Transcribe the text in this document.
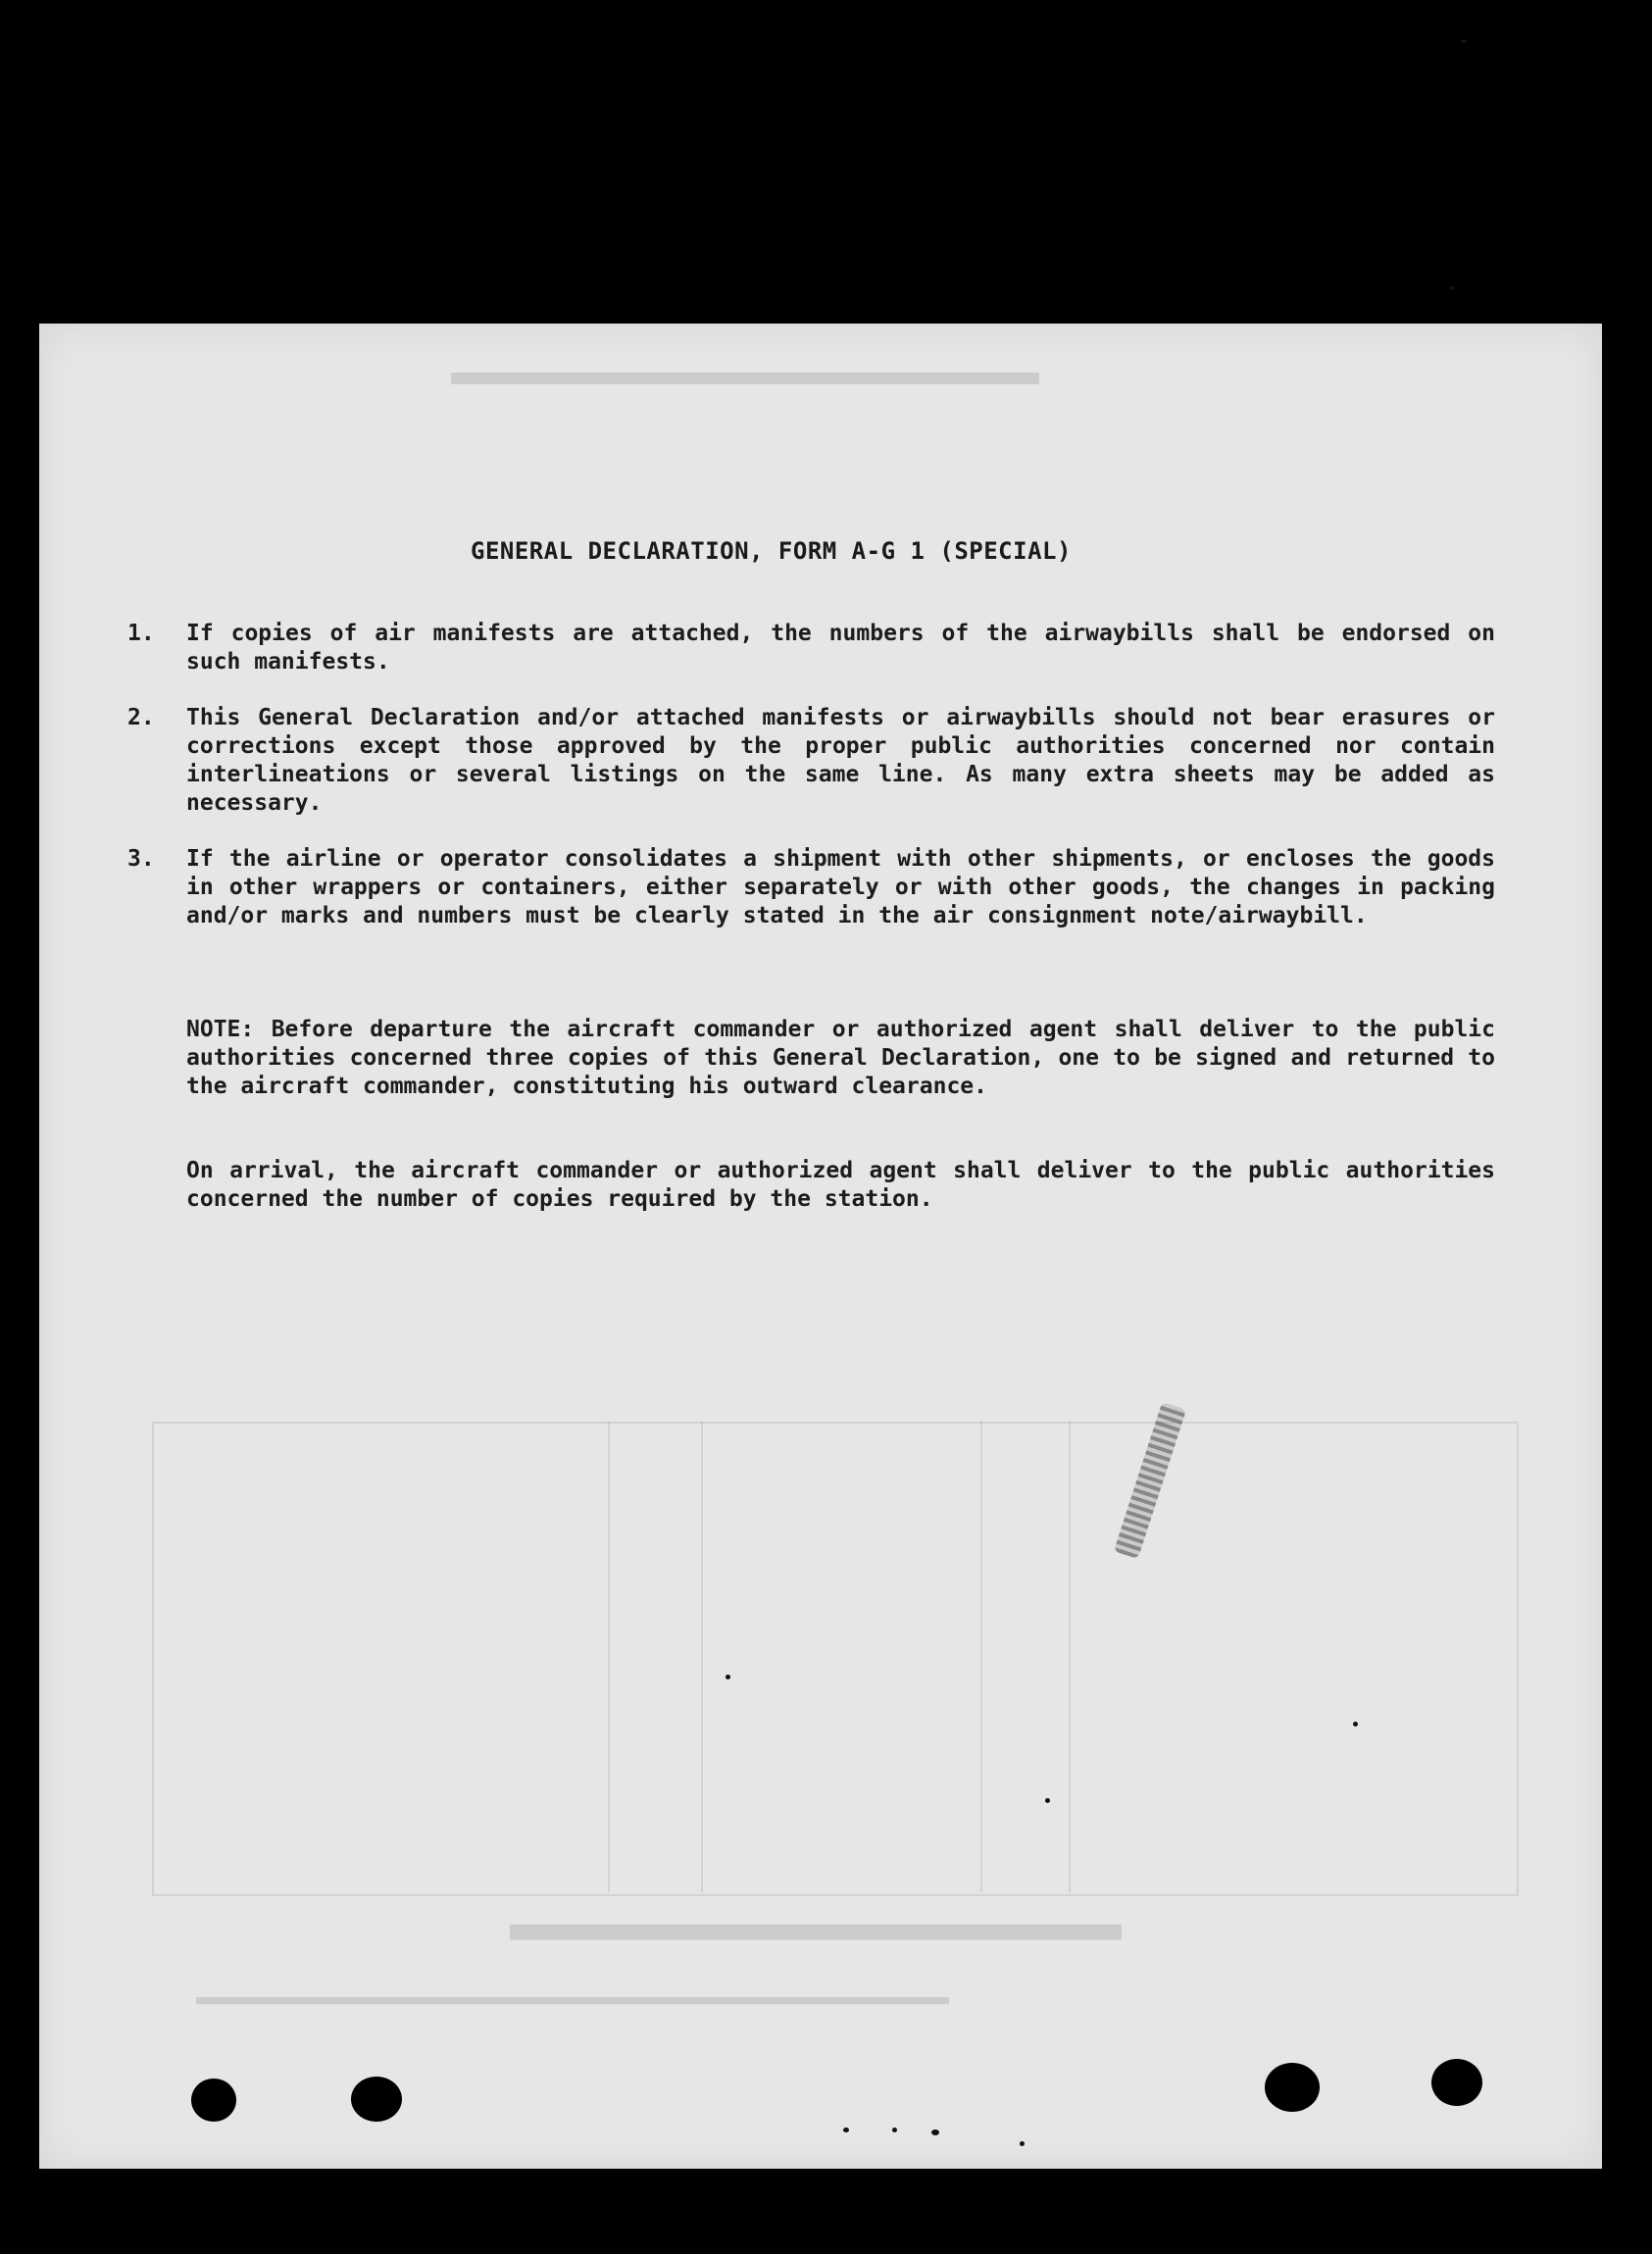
▬▬▬▬▬▬▬▬▬▬▬▬▬▬▬
▬▬▬▬▬▬▬▬▬▬▬▬
▬▬▬▬▬▬▬▬▬▬▬▬▬▬▬▬▬▬▬▬▬▬▬▬▬▬▬▬▬▬▬▬
GENERAL DECLARATION, FORM A-G 1 (SPECIAL)
1. If copies of air manifests are attached, the numbers of the airwaybills shall be endorsed on such manifests.
2. This General Declaration and/or attached manifests or airwaybills should not bear erasures or corrections except those approved by the proper public authorities concerned nor contain interlineations or several listings on the same line. As many extra sheets may be added as necessary.
3. If the airline or operator consolidates a shipment with other shipments, or encloses the goods in other wrappers or containers, either separately or with other goods, the changes in packing and/or marks and numbers must be clearly stated in the air consignment note/airwaybill.
NOTE: Before departure the aircraft commander or authorized agent shall deliver to the public authorities concerned three copies of this General Declaration, one to be signed and returned to the aircraft commander, constituting his outward clearance.
On arrival, the aircraft commander or authorized agent shall deliver to the public authorities concerned the number of copies required by the station.
